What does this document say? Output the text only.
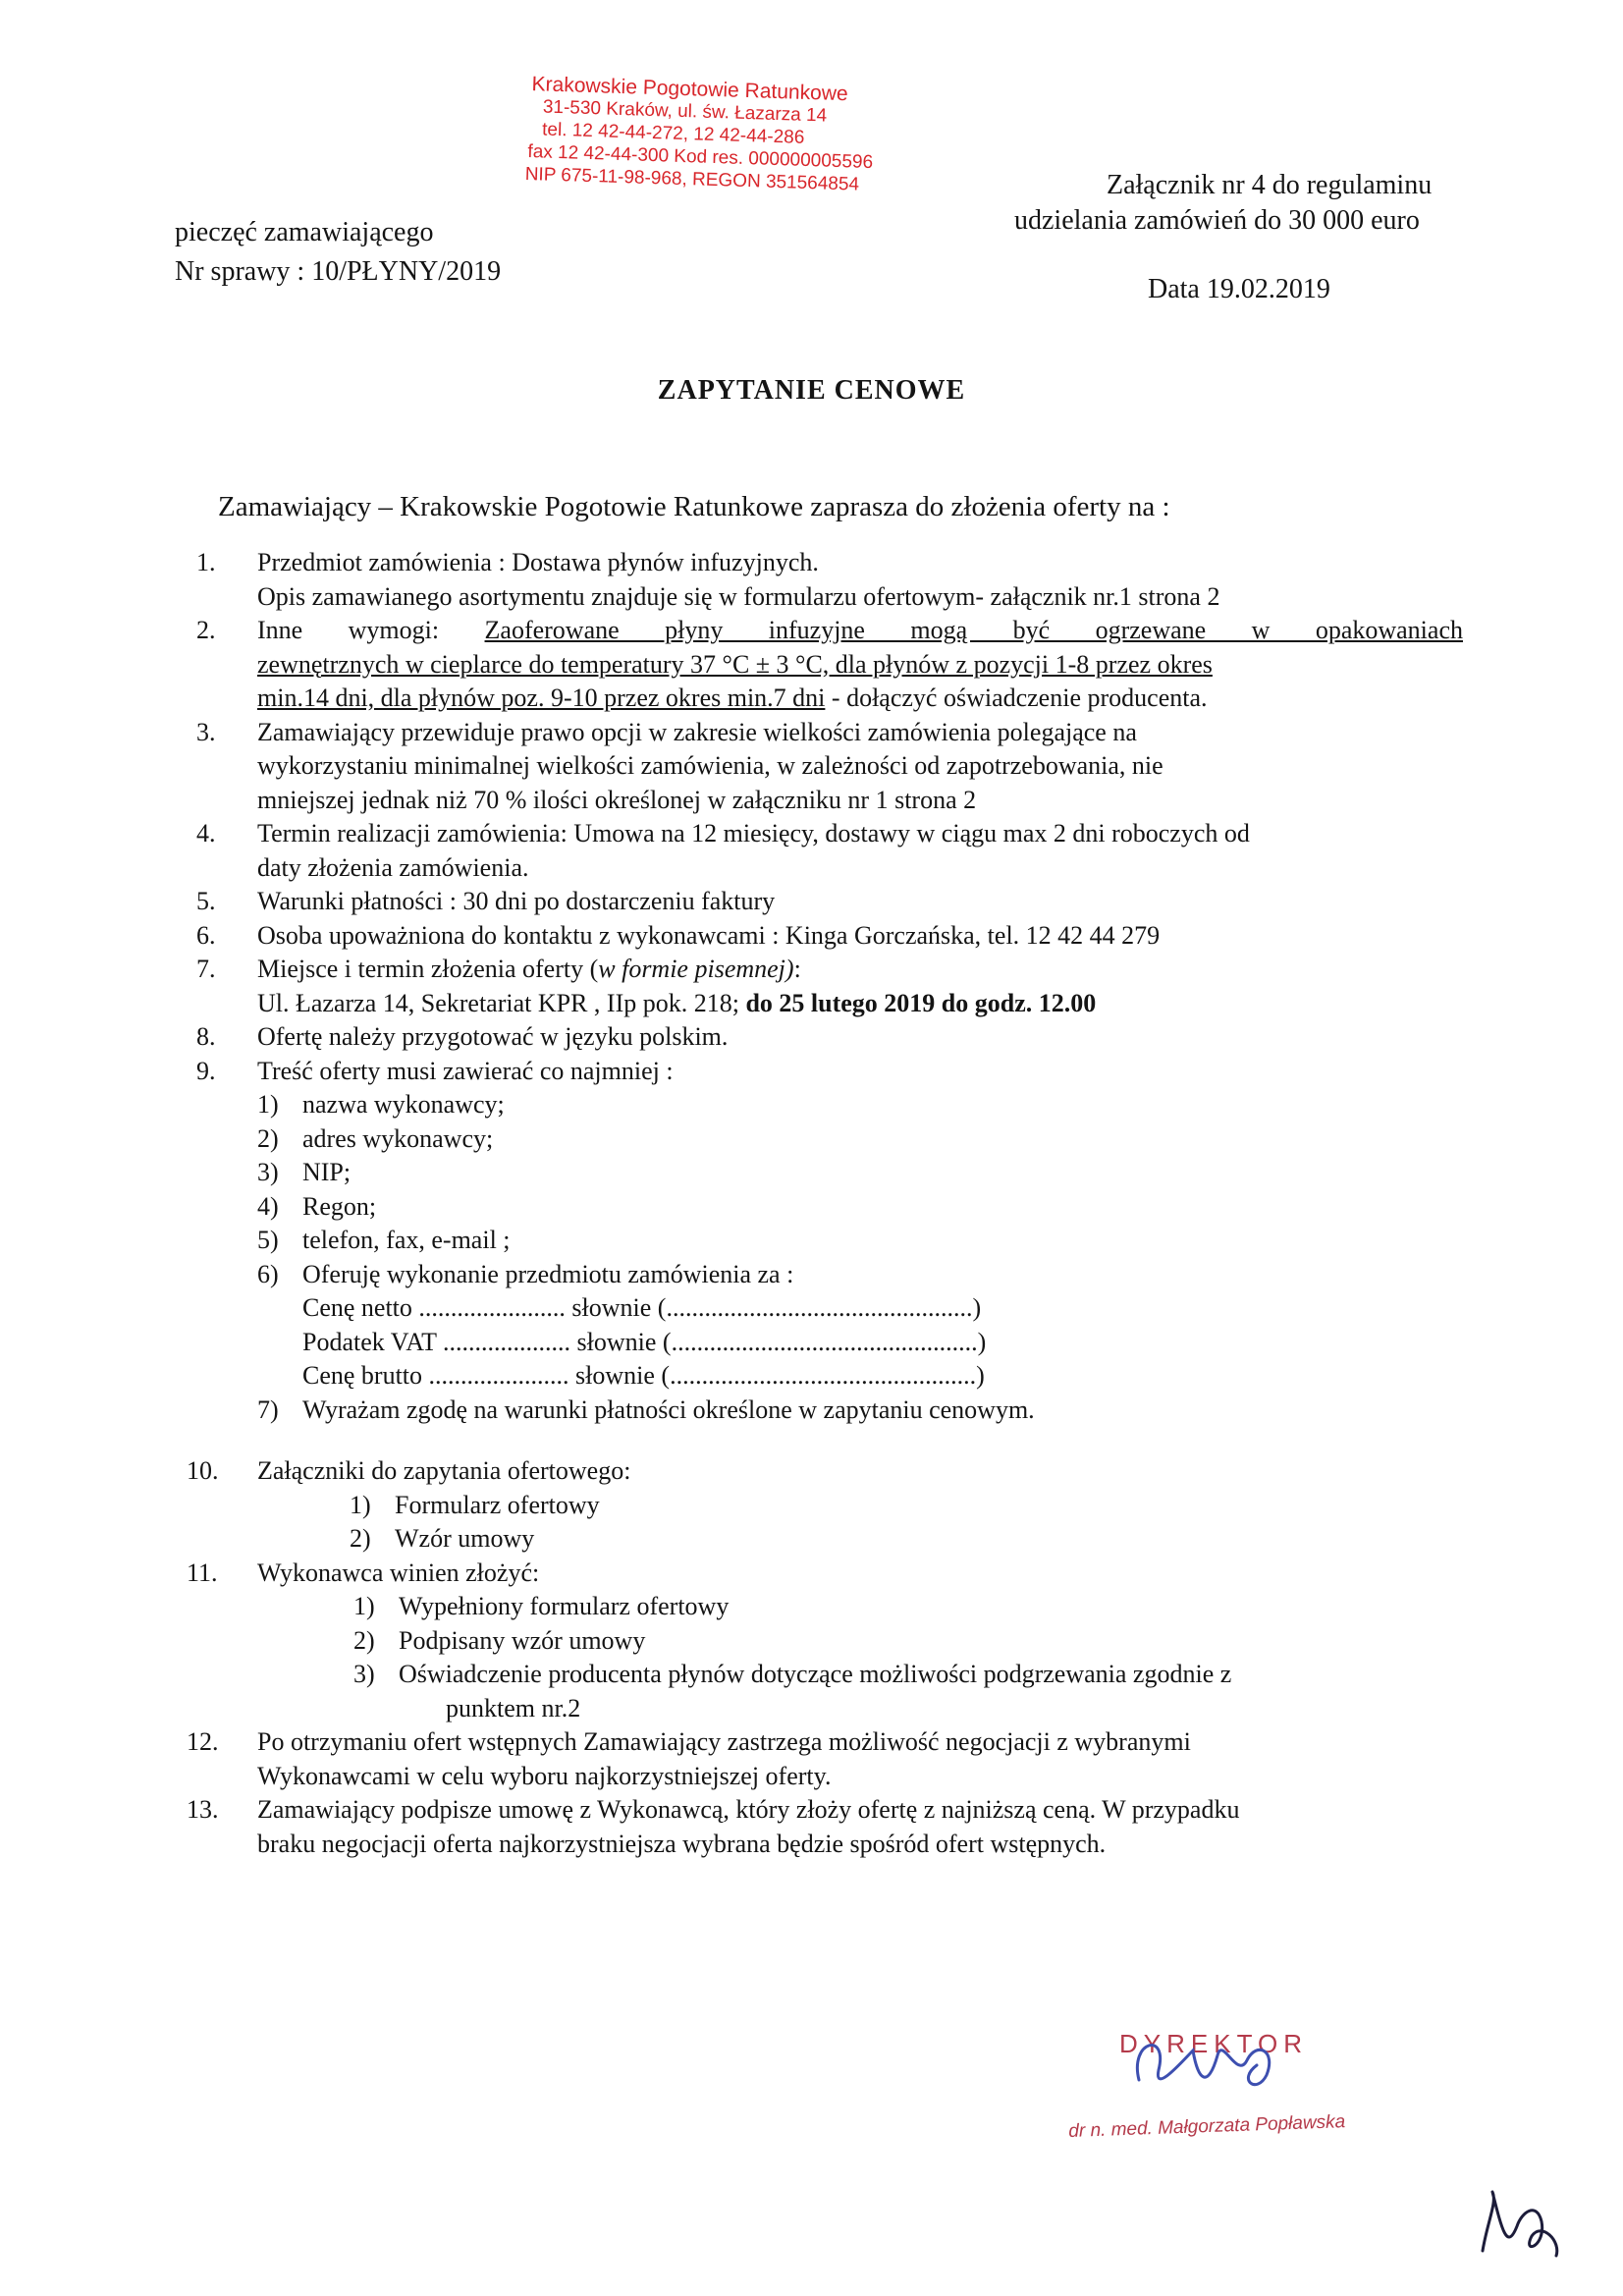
Krakowskie Pogotowie Ratunkowe
31-530 Kraków, ul. św. Łazarza 14
tel. 12 42-44-272, 12 42-44-286
fax 12 42-44-300 Kod res. 000000005596
NIP 675-11-98-968, REGON 351564854
pieczęć zamawiającego
Nr sprawy : 10/PŁYNY/2019
Załącznik nr 4 do regulaminu
udzielania zamówień do 30 000 euro
Data 19.02.2019
ZAPYTANIE CENOWE
Zamawiający – Krakowskie Pogotowie Ratunkowe zaprasza do złożenia oferty na :
1.	Przedmiot zamówienia : Dostawa płynów infuzyjnych.
Opis zamawianego asortymentu znajduje się w formularzu ofertowym- załącznik nr.1 strona 2
2.	Inne wymogi: Zaoferowane płyny infuzyjne mogą być ogrzewane w opakowaniach
zewnętrznych w cieplarce do temperatury 37 °C ± 3 °C, dla płynów z pozycji 1-8 przez okres
min.14 dni, dla płynów poz. 9-10 przez okres min.7 dni - dołączyć oświadczenie producenta.
3.	Zamawiający przewiduje prawo opcji w zakresie wielkości zamówienia polegające na
wykorzystaniu minimalnej wielkości zamówienia, w zależności od zapotrzebowania, nie
mniejszej jednak niż 70 % ilości określonej w załączniku nr 1 strona 2
4.	Termin realizacji zamówienia: Umowa na 12 miesięcy, dostawy w ciągu max 2 dni roboczych od
daty złożenia zamówienia.
5.	Warunki płatności : 30 dni po dostarczeniu faktury
6.	Osoba upoważniona do kontaktu z wykonawcami : Kinga Gorczańska, tel. 12 42 44 279
7.	Miejsce i termin złożenia oferty (w formie pisemnej):
Ul. Łazarza 14, Sekretariat KPR , IIp pok. 218; do 25 lutego 2019 do godz. 12.00
8.	Ofertę należy przygotować w języku polskim.
9.	Treść oferty musi zawierać co najmniej :
1) nazwa wykonawcy;
2) adres wykonawcy;
3) NIP;
4) Regon;
5) telefon, fax, e-mail ;
6) Oferuję wykonanie przedmiotu zamówienia za :
Cenę netto ....................... słownie (................................................)
Podatek VAT .................... słownie (................................................)
Cenę brutto ...................... słownie (................................................)
7) Wyrażam zgodę na warunki płatności określone w zapytaniu cenowym.
10.	Załączniki do zapytania ofertowego:
1) Formularz ofertowy
2) Wzór umowy
11.	Wykonawca winien złożyć:
1) Wypełniony formularz ofertowy
2) Podpisany wzór umowy
3) Oświadczenie producenta płynów dotyczące możliwości podgrzewania zgodnie z
punktem nr.2
12.	Po otrzymaniu ofert wstępnych Zamawiający zastrzega możliwość negocjacji z wybranymi
Wykonawcami w celu wyboru najkorzystniejszej oferty.
13.	Zamawiający podpisze umowę z Wykonawcą, który złoży ofertę z najniższą ceną. W przypadku
braku negocjacji oferta najkorzystniejsza wybrana będzie spośród ofert wstępnych.
DYREKTOR
dr n. med. Małgorzata Popławska
